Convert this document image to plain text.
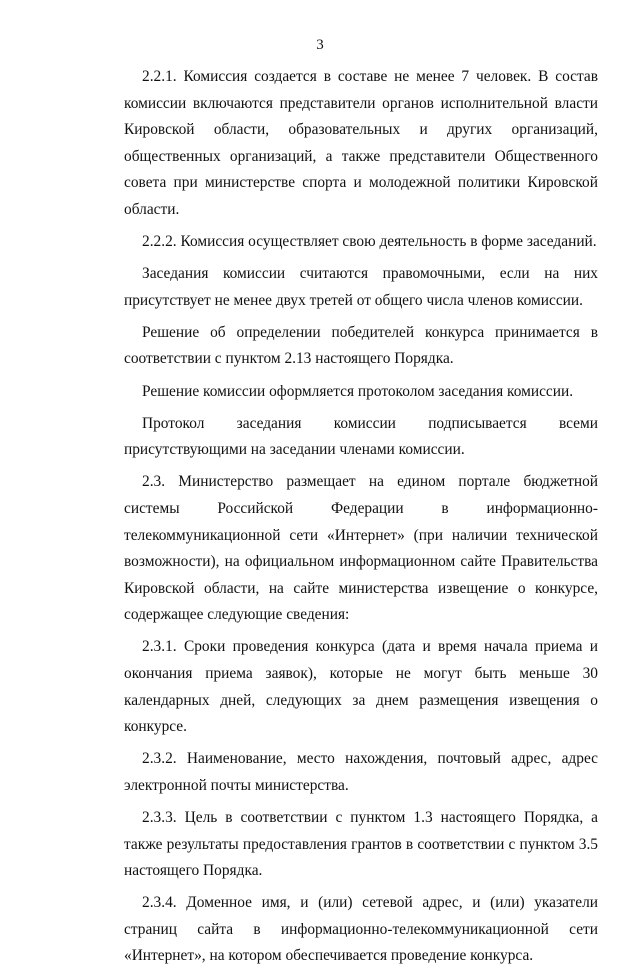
3

2.2.1. Комиссия создается в составе не менее 7 человек. В состав комиссии включаются представители органов исполнительной власти Кировской области, образовательных и других организаций, общественных организаций, а также представители Общественного совета при министерстве спорта и молодежной политики Кировской области.

2.2.2. Комиссия осуществляет свою деятельность в форме заседаний.

Заседания комиссии считаются правомочными, если на них присутствует не менее двух третей от общего числа членов комиссии.

Решение об определении победителей конкурса принимается в соответствии с пунктом 2.13 настоящего Порядка.

Решение комиссии оформляется протоколом заседания комиссии.

Протокол заседания комиссии подписывается всеми присутствующими на заседании членами комиссии.

2.3. Министерство размещает на едином портале бюджетной системы Российской Федерации в информационно-телекоммуникационной сети «Интернет» (при наличии технической возможности), на официальном информационном сайте Правительства Кировской области, на сайте министерства извещение о конкурсе, содержащее следующие сведения:

2.3.1. Сроки проведения конкурса (дата и время начала приема и окончания приема заявок), которые не могут быть меньше 30 календарных дней, следующих за днем размещения извещения о конкурсе.

2.3.2. Наименование, место нахождения, почтовый адрес, адрес электронной почты министерства.

2.3.3. Цель в соответствии с пунктом 1.3 настоящего Порядка, а также результаты предоставления грантов в соответствии с пунктом 3.5 настоящего Порядка.

2.3.4. Доменное имя, и (или) сетевой адрес, и (или) указатели страниц сайта в информационно-телекоммуникационной сети «Интернет», на котором обеспечивается проведение конкурса.
